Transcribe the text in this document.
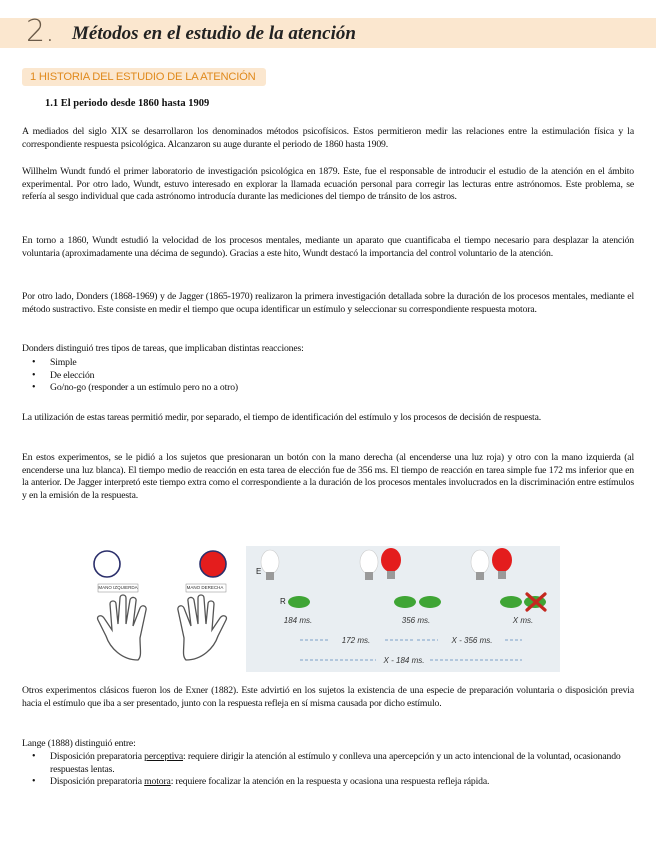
2. Métodos en el estudio de la atención
1 HISTORIA DEL ESTUDIO DE LA ATENCIÓN
1.1 El periodo desde 1860 hasta 1909
A mediados del siglo XIX se desarrollaron los denominados métodos psicofísicos. Estos permitieron medir las relaciones entre la estimulación física y la correspondiente respuesta psicológica. Alcanzaron su auge durante el periodo de 1860 hasta 1909.
Willhelm Wundt fundó el primer laboratorio de investigación psicológica en 1879. Este, fue el responsable de introducir el estudio de la atención en el ámbito experimental. Por otro lado, Wundt, estuvo interesado en explorar la llamada ecuación personal para corregir las lecturas entre astrónomos. Este problema, se refería al sesgo individual que cada astrónomo introducía durante las mediciones del tiempo de tránsito de los astros.
En torno a 1860, Wundt estudió la velocidad de los procesos mentales, mediante un aparato que cuantificaba el tiempo necesario para desplazar la atención voluntaria (aproximadamente una décima de segundo). Gracias a este hito, Wundt destacó la importancia del control voluntario de la atención.
Por otro lado, Donders (1868-1969) y de Jagger (1865-1970) realizaron la primera investigación detallada sobre la duración de los procesos mentales, mediante el método sustractivo. Este consiste en medir el tiempo que ocupa identificar un estímulo y seleccionar su correspondiente respuesta motora.
Donders distinguió tres tipos de tareas, que implicaban distintas reacciones:
• Simple
• De elección
• Go/no-go (responder a un estímulo pero no a otro)
La utilización de estas tareas permitió medir, por separado, el tiempo de identificación del estímulo y los procesos de decisión de respuesta.
En estos experimentos, se le pidió a los sujetos que presionaran un botón con la mano derecha (al encenderse una luz roja) y otro con la mano izquierda (al encenderse una luz blanca). El tiempo medio de reacción en esta tarea de elección fue de 356 ms. El tiempo de reacción en tarea simple fue 172 ms inferior que en la anterior. De Jagger interpretó este tiempo extra como el correspondiente a la duración de los procesos mentales involucrados en la discriminación entre estímulos y en la emisión de la respuesta.
MANO IZQUIERDA	MANO DERECHA
E
R
184 ms.	356 ms.	X ms.
172 ms.	X - 356 ms.
X - 184 ms.
Otros experimentos clásicos fueron los de Exner (1882). Este advirtió en los sujetos la existencia de una especie de preparación voluntaria o disposición previa hacia el estímulo que iba a ser presentado, junto con la respuesta refleja en sí misma causada por dicho estímulo.
Lange (1888) distinguió entre:
• Disposición preparatoria perceptiva: requiere dirigir la atención al estímulo y conlleva una apercepción y un acto intencional de la voluntad, ocasionando respuestas lentas.
• Disposición preparatoria motora: requiere focalizar la atención en la respuesta y ocasiona una respuesta refleja rápida.
